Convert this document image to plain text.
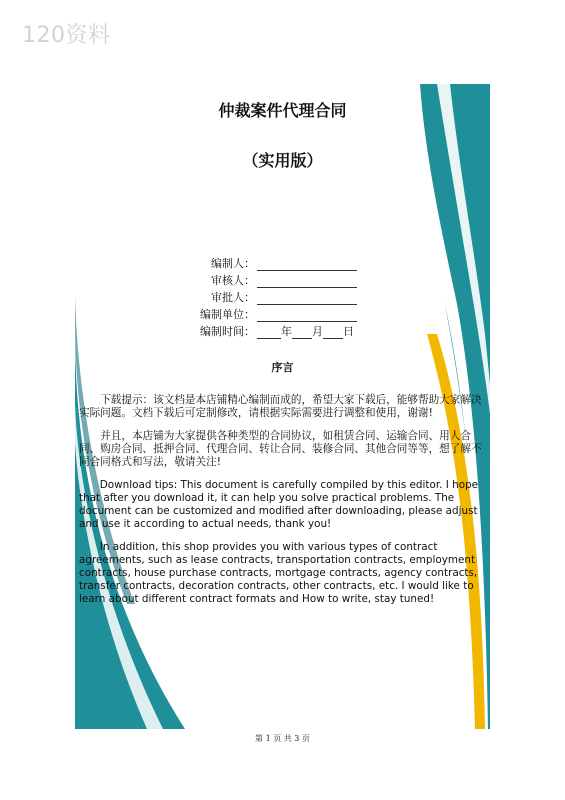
120资料
仲裁案件代理合同
（实用版）
编制人：
审核人：
审批人：
编制单位：
编制时间： 年 月 日
序言

下载提示：该文档是本店铺精心编制而成的，希望大家下载后，能够帮助大家解决实际问题。文档下载后可定制修改，请根据实际需要进行调整和使用，谢谢!

并且，本店铺为大家提供各种类型的合同协议，如租赁合同、运输合同、用人合同、购房合同、抵押合同、代理合同、转让合同、装修合同、其他合同等等，想了解不同合同格式和写法，敬请关注!

Download tips: This document is carefully compiled by this editor. I hope that after you download it, it can help you solve practical problems. The document can be customized and modified after downloading, please adjust and use it according to actual needs, thank you!

In addition, this shop provides you with various types of contract agreements, such as lease contracts, transportation contracts, employment contracts, house purchase contracts, mortgage contracts, agency contracts, transfer contracts, decoration contracts, other contracts, etc. I would like to learn about different contract formats and How to write, stay tuned!

第 1 页 共 3 页
